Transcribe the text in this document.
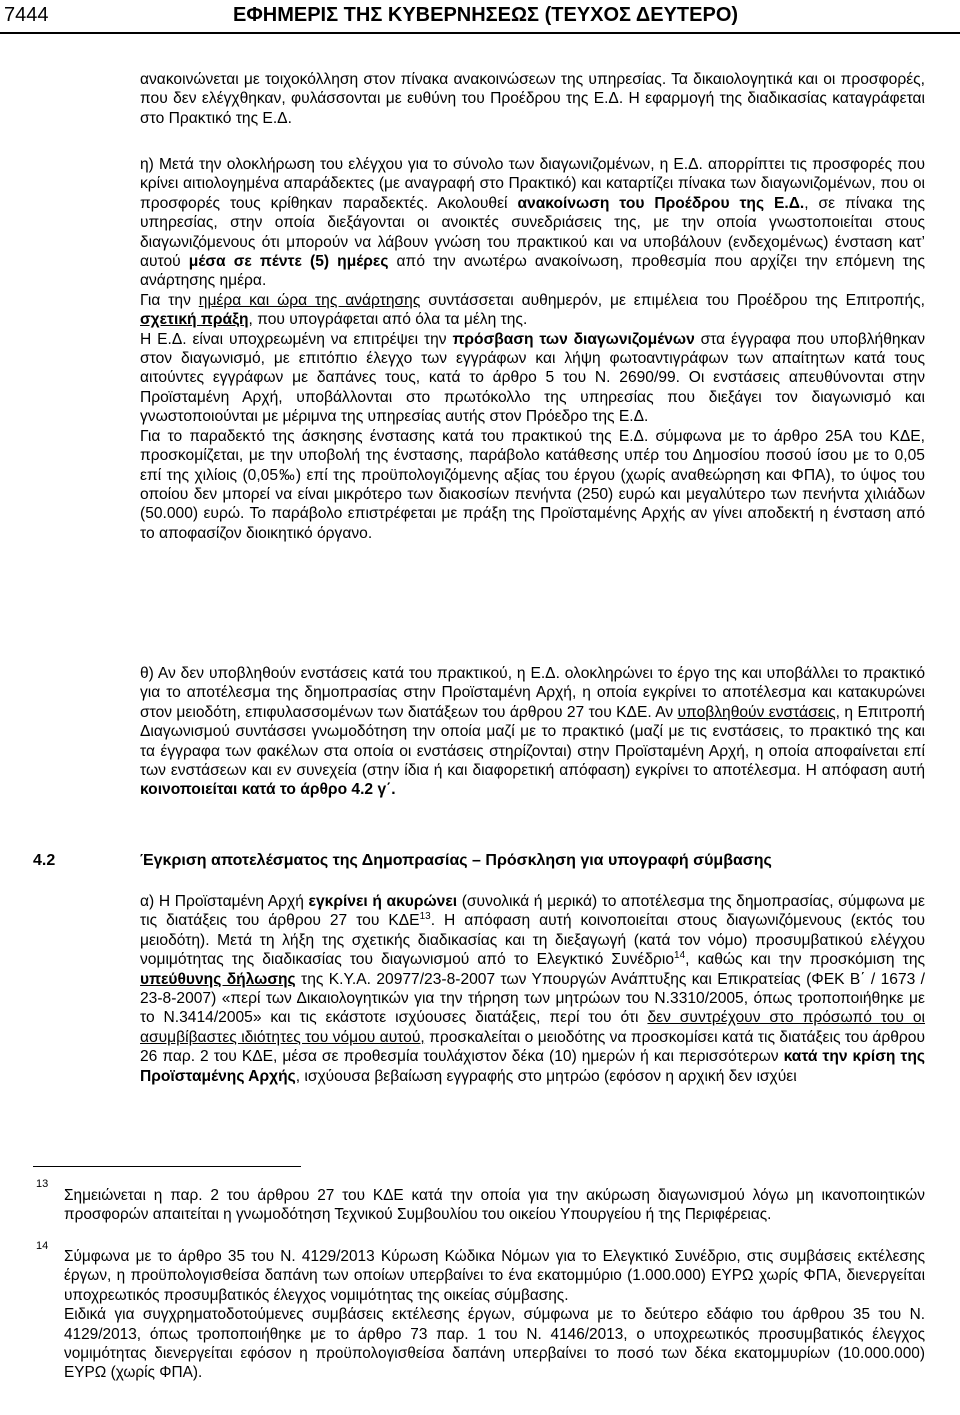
7444	ΕΦΗΜΕΡΙΣ ΤΗΣ ΚΥΒΕΡΝΗΣΕΩΣ (ΤΕΥΧΟΣ ΔΕΥΤΕΡΟ)

ανακοινώνεται με τοιχοκόλληση στον πίνακα ανακοινώσεων της υπηρεσίας. Τα δικαιολογητικά και οι προσφορές, που δεν ελέγχθηκαν, φυλάσσονται με ευθύνη του Προέδρου της Ε.Δ. Η εφαρμογή της διαδικασίας καταγράφεται στο Πρακτικό της Ε.Δ.

η) Μετά την ολοκλήρωση του ελέγχου για το σύνολο των διαγωνιζομένων, η Ε.Δ. απορρίπτει τις προσφορές που κρίνει αιτιολογημένα απαράδεκτες (με αναγραφή στο Πρακτικό) και καταρτίζει πίνακα των διαγωνιζομένων, που οι προσφορές τους κρίθηκαν παραδεκτές. Ακολουθεί ανακοίνωση του Προέδρου της Ε.Δ., σε πίνακα της υπηρεσίας, στην οποία διεξάγονται οι ανοικτές συνεδριάσεις της, με την οποία γνωστοποιείται στους διαγωνιζόμενους ότι μπορούν να λάβουν γνώση του πρακτικού και να υποβάλουν (ενδεχομένως) ένσταση κατ’ αυτού μέσα σε πέντε (5) ημέρες από την ανωτέρω ανακοίνωση, προθεσμία που αρχίζει την επόμενη της ανάρτησης ημέρα.

Για την ημέρα και ώρα της ανάρτησης συντάσσεται αυθημερόν, με επιμέλεια του Προέδρου της Επιτροπής, σχετική πράξη, που υπογράφεται από όλα τα μέλη της.

Η Ε.Δ. είναι υποχρεωμένη να επιτρέψει την πρόσβαση των διαγωνιζομένων στα έγγραφα που υποβλήθηκαν στον διαγωνισμό, με επιτόπιο έλεγχο των εγγράφων και λήψη φωτοαντιγράφων των απαίτητων κατά τους αιτούντες εγγράφων με δαπάνες τους, κατά το άρθρο 5 του Ν. 2690/99. Οι ενστάσεις απευθύνονται στην Προϊσταμένη Αρχή, υποβάλλονται στο πρωτόκολλο της υπηρεσίας που διεξάγει τον διαγωνισμό και γνωστοποιούνται με μέριμνα της υπηρεσίας αυτής στον Πρόεδρο της Ε.Δ.

Για το παραδεκτό της άσκησης ένστασης κατά του πρακτικού της Ε.Δ. σύμφωνα με το άρθρο 25Α του ΚΔΕ, προσκομίζεται, με την υποβολή της ένστασης, παράβολο κατάθεσης υπέρ του Δημοσίου ποσού ίσου με το 0,05 επί της χιλίοις (0,05‰) επί της προϋπολογιζόμενης αξίας του έργου (χωρίς αναθεώρηση και ΦΠΑ), το ύψος του οποίου δεν μπορεί να είναι μικρότερο των διακοσίων πενήντα (250) ευρώ και μεγαλύτερο των πενήντα χιλιάδων (50.000) ευρώ. Το παράβολο επιστρέφεται με πράξη της Προϊσταμένης Αρχής αν γίνει αποδεκτή η ένσταση από το αποφασίζον διοικητικό όργανο.

θ) Αν δεν υποβληθούν ενστάσεις κατά του πρακτικού, η Ε.Δ. ολοκληρώνει το έργο της και υποβάλλει το πρακτικό για το αποτέλεσμα της δημοπρασίας στην Προϊσταμένη Αρχή, η οποία εγκρίνει το αποτέλεσμα και κατακυρώνει στον μειοδότη, επιφυλασσομένων των διατάξεων του άρθρου 27 του ΚΔΕ. Αν υποβληθούν ενστάσεις, η Επιτροπή Διαγωνισμού συντάσσει γνωμοδότηση την οποία μαζί με το πρακτικό (μαζί με τις ενστάσεις, το πρακτικό της και τα έγγραφα των φακέλων στα οποία οι ενστάσεις στηρίζονται) στην Προϊσταμένη Αρχή, η οποία αποφαίνεται επί των ενστάσεων και εν συνεχεία (στην ίδια ή και διαφορετική απόφαση) εγκρίνει το αποτέλεσμα. Η απόφαση αυτή κοινοποιείται κατά το άρθρο 4.2 γ΄.

4.2	Έγκριση αποτελέσματος της Δημοπρασίας – Πρόσκληση για υπογραφή σύμβασης

α) Η Προϊσταμένη Αρχή εγκρίνει ή ακυρώνει (συνολικά ή μερικά) το αποτέλεσμα της δημοπρασίας, σύμφωνα με τις διατάξεις του άρθρου 27 του ΚΔΕ$^{13}$. Η απόφαση αυτή κοινοποιείται στους διαγωνιζόμενους (εκτός του μειοδότη). Μετά τη λήξη της σχετικής διαδικασίας και τη διεξαγωγή (κατά τον νόμο) προσυμβατικού ελέγχου νομιμότητας της διαδικασίας του διαγωνισμού από το Ελεγκτικό Συνέδριο$^{14}$, καθώς και την προσκόμιση της υπεύθυνης δήλωσης της Κ.Υ.Α. 20977/23-8-2007 των Υπουργών Ανάπτυξης και Επικρατείας (ΦΕΚ Β΄ / 1673 / 23-8-2007) «περί των Δικαιολογητικών για την τήρηση των μητρώων του Ν.3310/2005, όπως τροποποιήθηκε με το Ν.3414/2005» και τις εκάστοτε ισχύουσες διατάξεις, περί του ότι δεν συντρέχουν στο πρόσωπό του οι ασυμβίβαστες ιδιότητες του νόμου αυτού, προσκαλείται ο μειοδότης να προσκομίσει κατά τις διατάξεις του άρθρου 26 παρ. 2 του ΚΔΕ, μέσα σε προθεσμία τουλάχιστον δέκα (10) ημερών ή και περισσότερων κατά την κρίση της Προϊσταμένης Αρχής, ισχύουσα βεβαίωση εγγραφής στο μητρώο (εφόσον η αρχική δεν ισχύει

13

Σημειώνεται η παρ. 2 του άρθρου 27 του ΚΔΕ κατά την οποία για την ακύρωση διαγωνισμού λόγω μη ικανοποιητικών προσφορών απαιτείται η γνωμοδότηση Τεχνικού Συμβουλίου του οικείου Υπουργείου ή της Περιφέρειας.

14

Σύμφωνα με το άρθρο 35 του Ν. 4129/2013 Κύρωση Κώδικα Νόμων για το Ελεγκτικό Συνέδριο, στις συμβάσεις εκτέλεσης έργων, η προϋπολογισθείσα δαπάνη των οποίων υπερβαίνει το ένα εκατομμύριο (1.000.000) ΕΥΡΩ χωρίς ΦΠΑ, διενεργείται υποχρεωτικός προσυμβατικός έλεγχος νομιμότητας της οικείας σύμβασης.

Ειδικά για συγχρηματοδοτούμενες συμβάσεις εκτέλεσης έργων, σύμφωνα με το δεύτερο εδάφιο του άρθρου 35 του Ν. 4129/2013, όπως τροποποιήθηκε με το άρθρο 73 παρ. 1 του Ν. 4146/2013, ο υποχρεωτικός προσυμβατικός έλεγχος νομιμότητας διενεργείται εφόσον η προϋπολογισθείσα δαπάνη υπερβαίνει το ποσό των δέκα εκατομμυρίων (10.000.000) ΕΥΡΩ (χωρίς ΦΠΑ).
